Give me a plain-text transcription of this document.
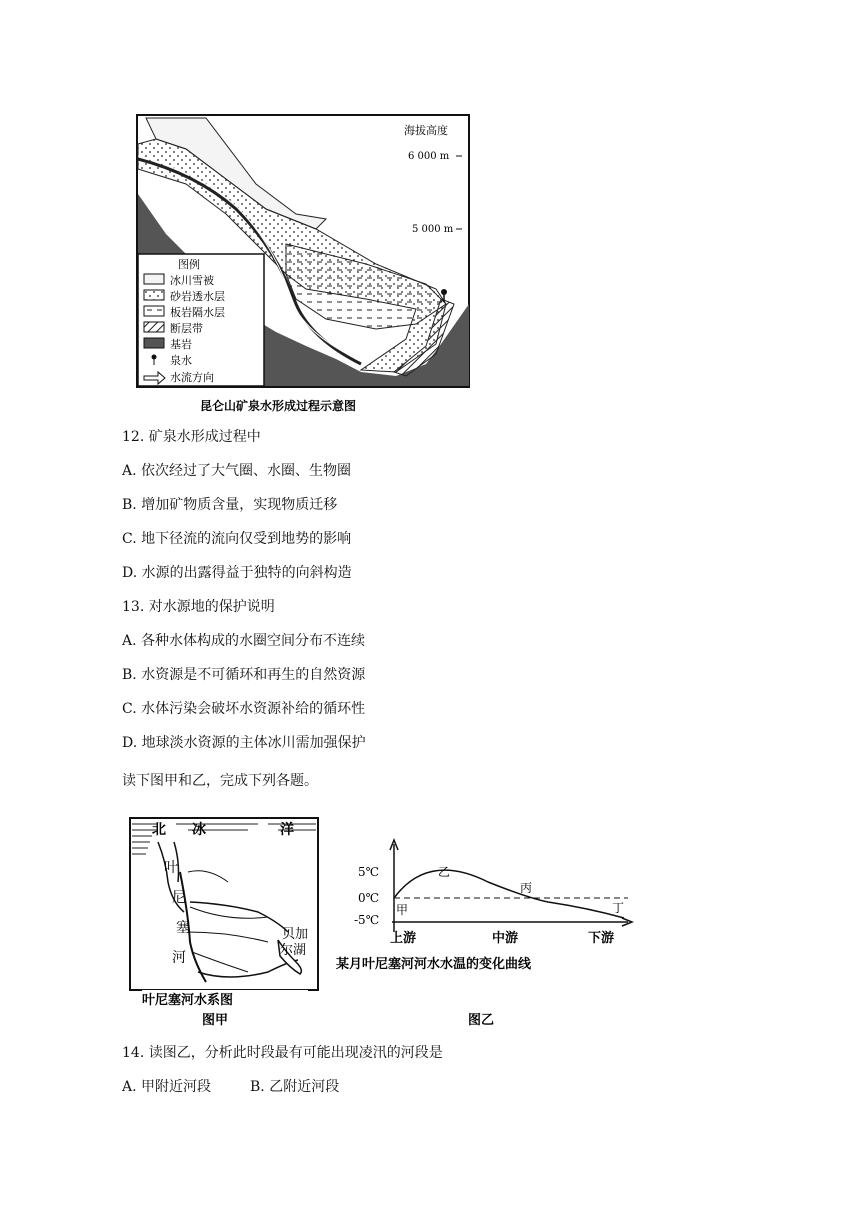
海拔高度
6 000 m
5 000 m
图例
冰川雪被
砂岩透水层
板岩隔水层
断层带
基岩
泉水
水流方向
昆仑山矿泉水形成过程示意图
12. 矿泉水形成过程中
A. 依次经过了大气圈、水圈、生物圈
B. 增加矿物质含量，实现物质迁移
C. 地下径流的流向仅受到地势的影响
D. 水源的出露得益于独特的向斜构造
13. 对水源地的保护说明
A. 各种水体构成的水圈空间分布不连续
B. 水资源是不可循环和再生的自然资源
C. 水体污染会破坏水资源补给的循环性
D. 地球淡水资源的主体冰川需加强保护
读下图甲和乙，完成下列各题。
北 冰	洋
叶
尼
塞
河
贝加
尔湖
叶尼塞河水系图
图甲
5℃
0℃
-5℃
甲
乙
丙
丁
上游	中游	下游
某月叶尼塞河河水水温的变化曲线
图乙
14. 读图乙，分析此时段最有可能出现凌汛的河段是
A. 甲附近河段	B. 乙附近河段
